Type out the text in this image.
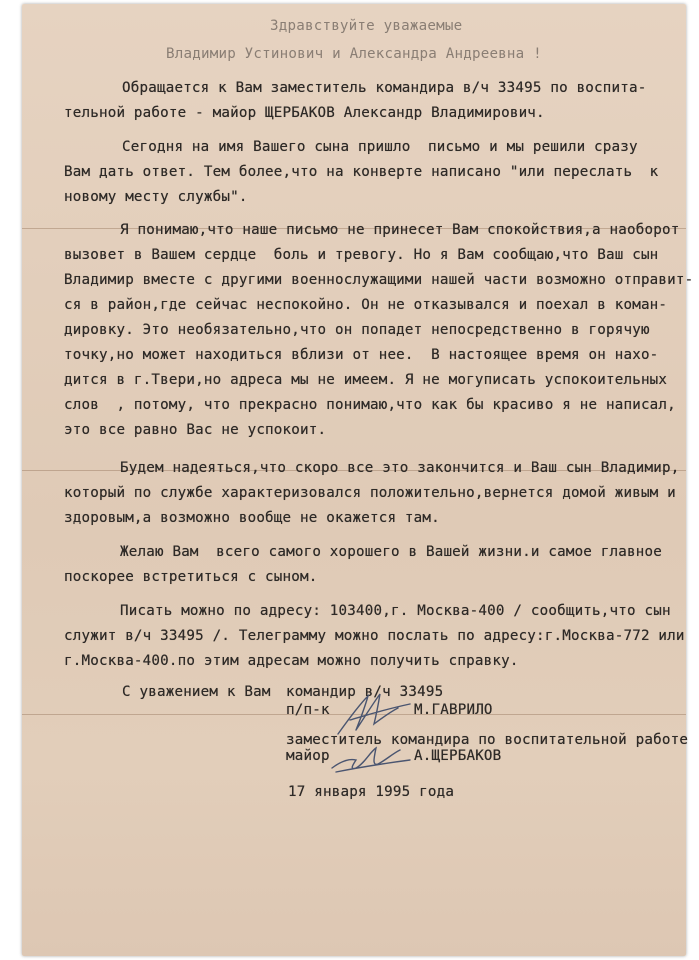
Здравствуйте уважаемые
Владимир Устинович и Александра Андреевна !
Обращается к Вам заместитель командира в/ч 33495 по воспита-
тельной работе - майор ЩЕРБАКОВ Александр Владимирович.
Сегодня на имя Вашего сына пришло  письмо и мы решили сразу
Вам дать ответ. Тем более,что на конверте написано "или переслать  к
новому месту службы".
Я понимаю,что наше письмо не принесет Вам спокойствия,а наоборот
вызовет в Вашем сердце  боль и тревогу. Но я Вам сообщаю,что Ваш сын
Владимир вместе с другими военнослужащими нашей части возможно отправит-
ся в район,где сейчас неспокойно. Он не отказывался и поехал в коман-
дировку. Это необязательно,что он попадет непосредственно в горячую
точку,но может находиться вблизи от нее.  В настоящее время он нахо-
дится в г.Твери,но адреса мы не имеем. Я не могуписать успокоительных
слов  , потому, что прекрасно понимаю,что как бы красиво я не написал,
это все равно Вас не успокоит.
Будем надеяться,что скоро все это закончится и Ваш сын Владимир,
который по службе характеризовался положительно,вернется домой живым и
здоровым,а возможно вообще не окажется там.
Желаю Вам  всего самого хорошего в Вашей жизни.и самое главное
поскорее встретиться с сыном.
Писать можно по адресу: 103400,г. Москва-400 / сообщить,что сын
служит в/ч 33495 /. Телеграмму можно послать по адресу:г.Москва-772 или
г.Москва-400.по этим адресам можно получить справку.
С уважением к Вам командир в/ч 33495
п/п-к	М.ГАВРИЛО
заместитель командира по воспитательной работе
майор	А.ЩЕРБАКОВ
17 января 1995 года
